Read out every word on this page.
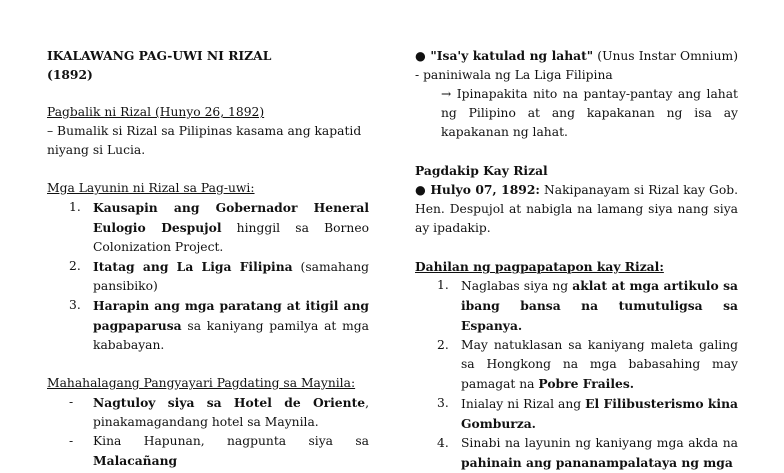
IKALAWANG PAG-UWI NI RIZAL
(1892)
Pagbalik ni Rizal (Hunyo 26, 1892)
– Bumalik si Rizal sa Pilipinas kasama ang kapatid niyang si Lucia.
Mga Layunin ni Rizal sa Pag-uwi:
1. Kausapin ang Gobernador Heneral Eulogio Despujol hinggil sa Borneo Colonization Project.
2. Itatag ang La Liga Filipina (samahang pansibiko)
3. Harapin ang mga paratang at itigil ang pagpaparusa sa kaniyang pamilya at mga kababayan.
Mahahalagang Pangyayari Pagdating sa Maynila:
- Nagtuloy siya sa Hotel de Oriente, pinakamagandang hotel sa Maynila.
- Kina Hapunan, nagpunta siya sa Malacañang
● "Isa'y katulad ng lahat" (Unus Instar Omnium) - paniniwala ng La Liga Filipina
→ Ipinapakita nito na pantay-pantay ang lahat ng Pilipino at ang kapakanan ng isa ay kapakanan ng lahat.
Pagdakip Kay Rizal
● Hulyo 07, 1892: Nakipanayam si Rizal kay Gob. Hen. Despujol at nabigla na lamang siya nang siya ay ipadakip.
Dahilan ng pagpapatapon kay Rizal:
1. Naglabas siya ng aklat at mga artikulo sa ibang bansa na tumutuligsa sa Espanya.
2. May natuklasan sa kaniyang maleta galing sa Hongkong na mga babasahing may pamagat na Pobre Frailes.
3. Inialay ni Rizal ang El Filibusterismo kina Gomburza.
4. Sinabi na layunin ng kaniyang mga akda na pahinain ang pananampalataya ng mga
